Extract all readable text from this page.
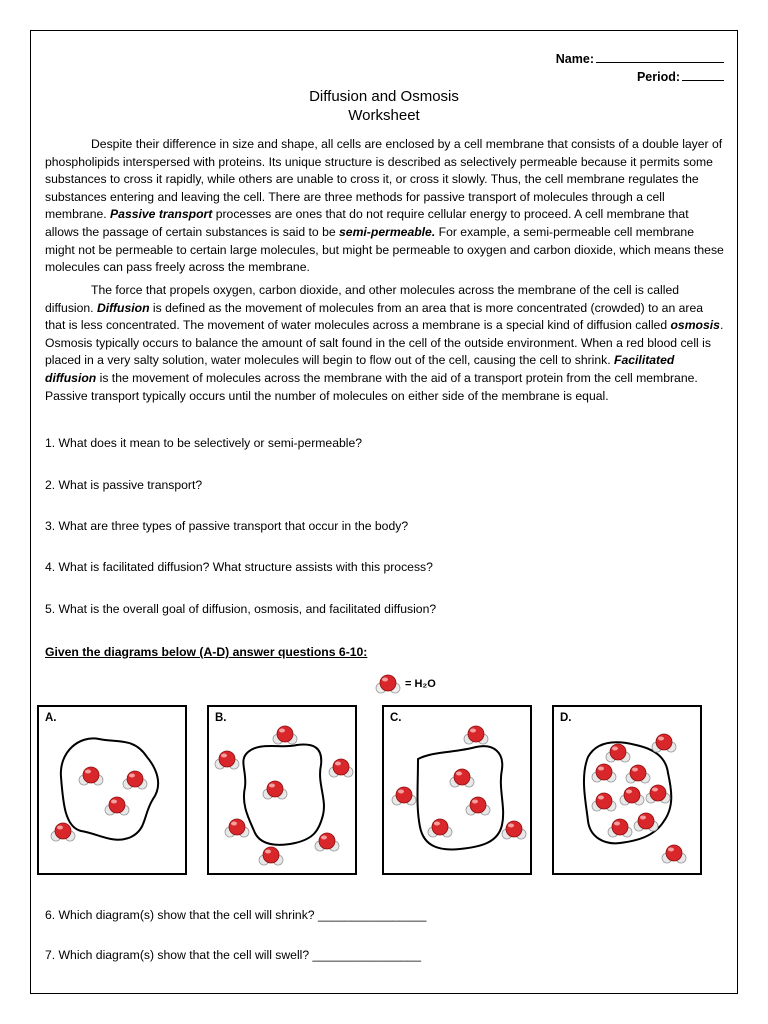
Name:
Period:
Diffusion and Osmosis
Worksheet
Despite their difference in size and shape, all cells are enclosed by a cell membrane that consists of a double layer of phospholipids interspersed with proteins. Its unique structure is described as selectively permeable because it permits some substances to cross it rapidly, while others are unable to cross it, or cross it slowly. Thus, the cell membrane regulates the substances entering and leaving the cell. There are three methods for passive transport of molecules through a cell membrane. Passive transport processes are ones that do not require cellular energy to proceed. A cell membrane that allows the passage of certain substances is said to be semi-permeable. For example, a semi-permeable cell membrane might not be permeable to certain large molecules, but might be permeable to oxygen and carbon dioxide, which means these molecules can pass freely across the membrane.
The force that propels oxygen, carbon dioxide, and other molecules across the membrane of the cell is called diffusion. Diffusion is defined as the movement of molecules from an area that is more concentrated (crowded) to an area that is less concentrated. The movement of water molecules across a membrane is a special kind of diffusion called osmosis. Osmosis typically occurs to balance the amount of salt found in the cell of the outside environment. When a red blood cell is placed in a very salty solution, water molecules will begin to flow out of the cell, causing the cell to shrink. Facilitated diffusion is the movement of molecules across the membrane with the aid of a transport protein from the cell membrane. Passive transport typically occurs until the number of molecules on either side of the membrane is equal.
1. What does it mean to be selectively or semi-permeable?
2. What is passive transport?
3. What are three types of passive transport that occur in the body?
4. What is facilitated diffusion? What structure assists with this process?
5. What is the overall goal of diffusion, osmosis, and facilitated diffusion?
Given the diagrams below (A-D) answer questions 6-10:
= H₂O
A.	B.	C.	D.
6. Which diagram(s) show that the cell will shrink? ________________
7. Which diagram(s) show that the cell will swell? ________________
